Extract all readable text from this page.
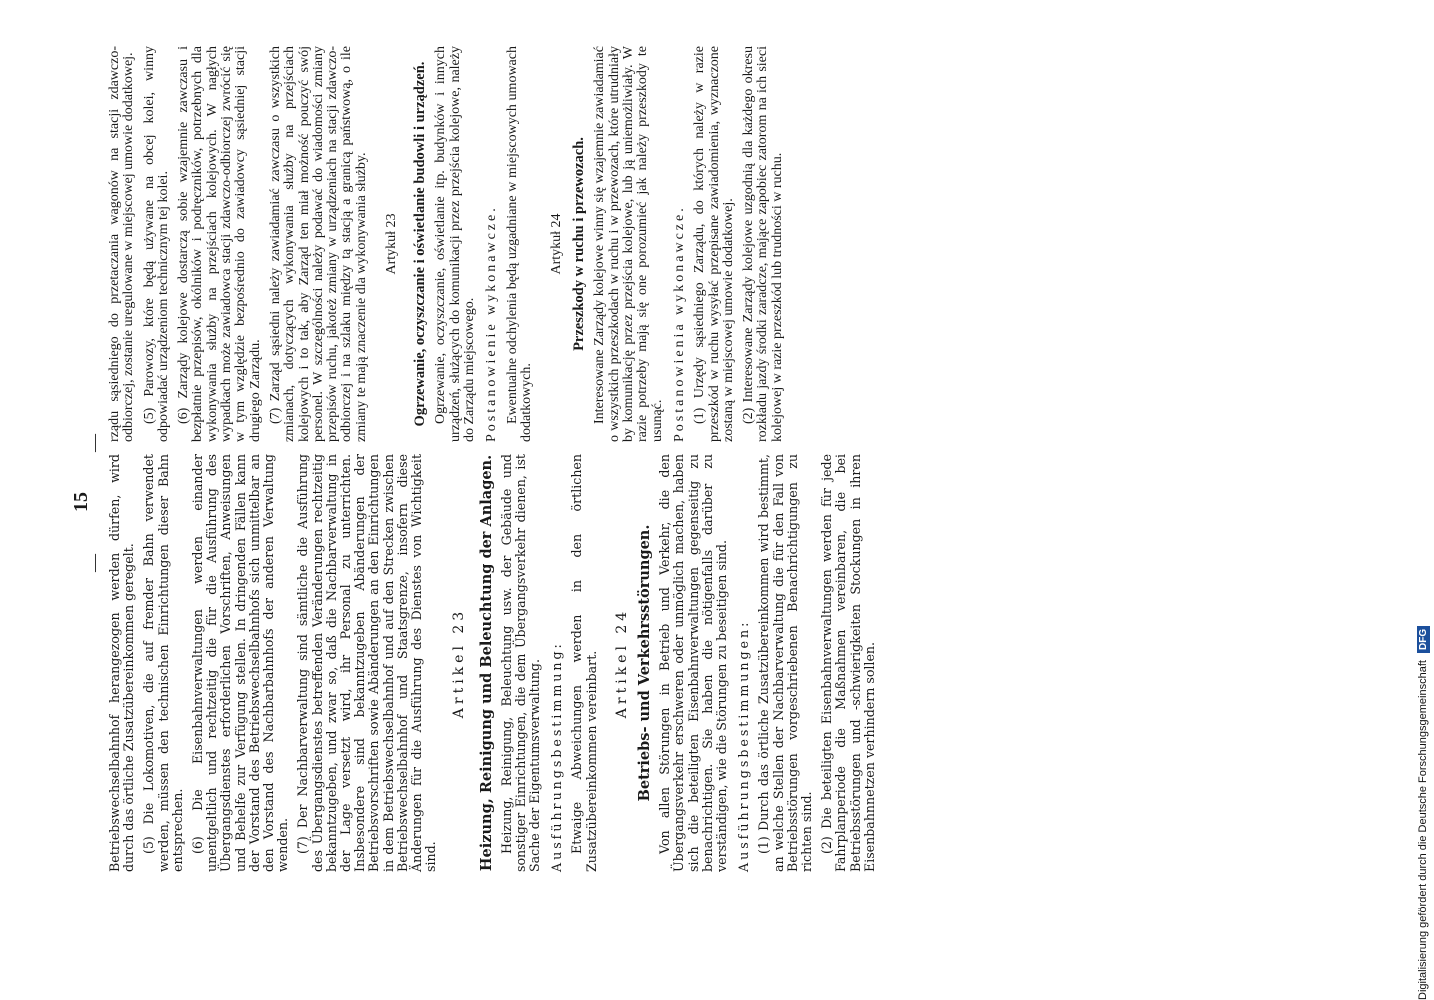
—
15
—

Betriebswechselbahnhof herangezogen werden dürfen, wird durch das örtliche Zusatzübereinkommen geregelt. (5) Die Lokomotiven, die auf fremder Bahn verwendet werden, müssen den technischen Einrichtungen dieser Bahn entsprechen. (6) Die Eisenbahnverwaltungen werden einander unentgeltlich und rechtzeitig die für die Ausführung des Übergangsdienstes erforderlichen Vorschriften, Anweisungen und Behelfe zur Verfügung stellen. In dringenden Fällen kann der Vorstand des Betriebswechselbahnhofs sich unmittelbar an den Vorstand des Nachbarbahnhofs der anderen Verwaltung wenden. (7) Der Nachbarverwaltung sind sämtliche die Ausführung des Übergangsdienstes betreffenden Veränderungen rechtzeitig bekanntzugeben, und zwar so, daß die Nachbarverwaltung in der Lage versetzt wird, ihr Personal zu unterrichten. Insbesondere sind bekanntzugeben Abänderungen der Betriebsvorschriften sowie Abänderungen an den Einrichtungen in dem Betriebswechselbahnhof und auf den Strecken zwischen Betriebswechselbahnhof und Staatsgrenze, insofern diese Änderungen für die Ausführung des Dienstes von Wichtigkeit sind.

Artikel 23 Heizung, Reinigung und Beleuchtung der Anlagen. Heizung, Reinigung, Beleuchtung usw. der Gebäude und sonstiger Einrichtungen, die dem Übergangsverkehr dienen, ist Sache der Eigentumsverwaltung. Ausführungsbestimmung: Etwaige Abweichungen werden in den örtlichen Zusatzübereinkommen vereinbart. Artikel 24 Betriebs- und Verkehrsstörungen. Von allen Störungen in Betrieb und Verkehr, die den Übergangsverkehr erschweren oder unmöglich machen, haben sich die beteiligten Eisenbahnverwaltungen gegenseitig zu benachrichtigen. Sie haben die nötigenfalls darüber zu verständigen, wie die Störungen zu beseitigen sind. Ausführungsbestimmungen: (1) Durch das örtliche Zusatzübereinkommen wird bestimmt, an welche Stellen der Nachbarverwaltung die für den Fall von Betriebsstörungen vorgeschriebenen Benachrichtigungen zu richten sind. (2) Die beteiligten Eisenbahnverwaltungen werden für jede Fahrplanperiode die Maßnahmen vereinbaren, die bei Betriebsstörungen und -schwierigkeiten Stockungen in ihren Eisenbahnnetzen verhindern sollen.

rządu sąsiedniego do przetaczania wagonów na stacji zdawczo-odbiorczej, zostanie uregulowane w miejscowej umowie dodatkowej. (5) Parowozy, które będą używane na obcej kolei, winny odpowiadać urządzeniom technicznym tej kolei. (6) Zarządy kolejowe dostarczą sobie wzajemnie zawczasu i bezpłatnie przepisów, okólników i podręczników, potrzebnych dla wykonywania służby na przejściach kolejowych. W nagłych wypadkach może zawiadowca stacji zdawczo-odbiorczej zwrócić się w tym względzie bezpośrednio do zawiadowcy sąsiedniej stacji drugiego Zarządu. (7) Zarząd sąsiedni należy zawiadamiać zawczasu o wszystkich zmianach, dotyczących wykonywania służby na przejściach kolejowych i to tak, aby Zarząd ten miał możność pouczyć swój personel. W szczególności należy podawać do wiadomości zmiany przepisów ruchu, jakoteż zmiany w urządzeniach na stacji zdawczo-odbiorczej i na szlaku między tą stacją a granicą państwową, o ile zmiany te mają znaczenie dla wykonywania służby. Artykuł 23 Ogrzewanie, oczyszczanie i oświetlanie budowli i urządzeń. Ogrzewanie, oczyszczanie, oświetlanie itp. budynków i innych urządzeń, służących do komunikacji przez przejścia kolejowe, należy do Zarządu miejscowego. Postanowienie wykonawcze. Ewentualne odchylenia będą uzgadniane w miejscowych umowach dodatkowych.

Artykuł 24 Przeszkody w ruchu i przewozach. Interesowane Zarządy kolejowe winny się wzajemnie zawiadamiać o wszystkich przeszkodach w ruchu i w przewozach, które utrudniały by komunikację przez przejścia kolejowe, lub ją uniemożliwiały. W razie potrzeby mają się one porozumieć jak należy przeszkody te usunąć. Postanowienia wykonawcze. (1) Urzędy sąsiedniego Zarządu, do których należy w razie przeszkód w ruchu wysyłać przepisane zawiadomienia, wyznaczone zostaną w miejscowej umowie dodatkowej. (2) Interesowane Zarządy kolejowe uzgodnią dla każdego okresu rozkładu jazdy środki zaradcze, mające zapobiec zatorom na ich sieci kolejowej w razie przeszkód lub trudności w ruchu.

Digitalisierung gefördert durch die Deutsche Forschungsgemeinschaft DFG
